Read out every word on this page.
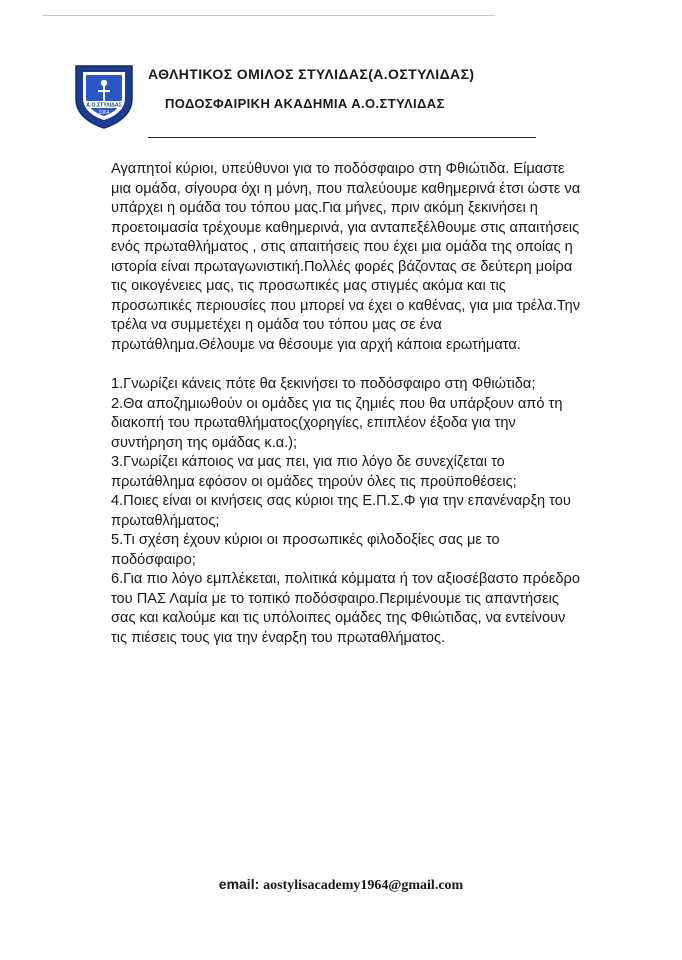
Α.Ο.ΣΤΥΛΙΔΑΣ
1964
ΑΘΛΗΤΙΚΟΣ ΟΜΙΛΟΣ ΣΤΥΛΙΔΑΣ(Α.ΟΣΤΥΛΙΔΑΣ)
ΠΟΔΟΣΦΑΙΡΙΚΗ ΑΚΑΔΗΜΙΑ Α.Ο.ΣΤΥΛΙΔΑΣ

Αγαπητοί κύριοι, υπεύθυνοι για το ποδόσφαιρο στη Φθιώτιδα. Είμαστε μια ομάδα, σίγουρα όχι η μόνη, που παλεύουμε καθημερινά έτσι ώστε να υπάρχει η ομάδα του τόπου μας.Για μήνες, πριν ακόμη ξεκινήσει η προετοιμασία τρέχουμε καθημερινά, για ανταπεξέλθουμε στις απαιτήσεις ενός πρωταθλήματος , στις απαιτήσεις που έχει μια ομάδα της οποίας η ιστορία είναι πρωταγωνιστική.Πολλές φορές βάζοντας σε δεύτερη μοίρα τις οικογένειες μας, τις προσωπικές μας στιγμές ακόμα και τις προσωπικές περιουσίες που μπορεί να έχει ο καθένας, για μια τρέλα.Την τρέλα να συμμετέχει η ομάδα του τόπου μας σε ένα πρωτάθλημα.Θέλουμε να θέσουμε για αρχή κάποια ερωτήματα.

1.Γνωρίζει κάνεις πότε θα ξεκινήσει το ποδόσφαιρο στη Φθιώτιδα;

2.Θα αποζημιωθούν οι ομάδες για τις ζημιές που θα υπάρξουν από τη διακοπή του πρωταθλήματος(χορηγίες, επιπλέον έξοδα για την συντήρηση της ομάδας κ.α.);

3.Γνωρίζει κάποιος να μας πει, για πιο λόγο δε συνεχίζεται το πρωτάθλημα εφόσον οι ομάδες τηρούν όλες τις προϋποθέσεις;

4.Ποιες είναι οι κινήσεις σας κύριοι της Ε.Π.Σ.Φ για την επανέναρξη του πρωταθλήματος;

5.Τι σχέση έχουν κύριοι οι προσωπικές φιλοδοξίες σας με το ποδόσφαιρο;

6.Για πιο λόγο εμπλέκεται, πολιτικά κόμματα ή τον αξιοσέβαστο πρόεδρο του ΠΑΣ Λαμία με το τοπικό ποδόσφαιρο.Περιμένουμε τις απαντήσεις σας και καλούμε και τις υπόλοιπες ομάδες της Φθιώτιδας, να εντείνουν τις πιέσεις τους για την έναρξη του πρωταθλήματος.

email: aostylisacademy1964@gmail.com
